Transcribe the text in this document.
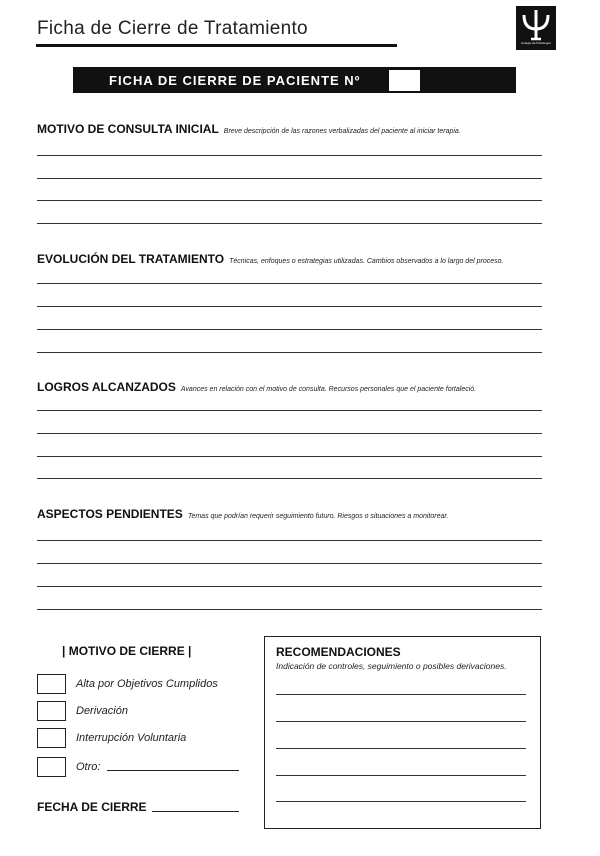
Ficha de Cierre de Tratamiento
Colegio de Psicólogos
FICHA DE CIERRE DE PACIENTE Nº
MOTIVO DE CONSULTA INICIAL Breve descripción de las razones verbalizadas del paciente al iniciar terapia.
EVOLUCIÓN DEL TRATAMIENTO Técnicas, enfoques o estrategias utilizadas. Cambios observados a lo largo del proceso.
LOGROS ALCANZADOS Avances en relación con el motivo de consulta. Recursos personales que el paciente fortaleció.
ASPECTOS PENDIENTES Temas que podrían requerir seguimiento futuro. Riesgos o situaciones a monitorear.
| MOTIVO DE CIERRE |
Alta por Objetivos Cumplidos
Derivación
Interrupción Voluntaria
Otro:
FECHA DE CIERRE
RECOMENDACIONES
Indicación de controles, seguimiento o posibles derivaciones.
